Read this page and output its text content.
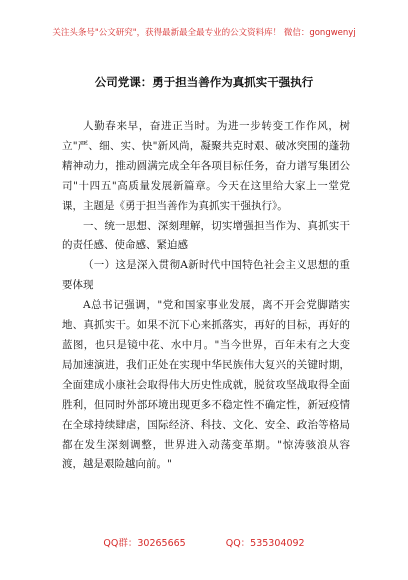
关注头条号"公文研究"，获得最新最全最专业的公文资料库！ 微信：gongwenyj
公司党课：勇于担当善作为真抓实干强执行

人勤春来早，奋进正当时。为进一步转变工作作风，树立"严、细、实、快"新风尚，凝聚共克时艰、破冰突围的蓬勃精神动力，推动圆满完成全年各项目标任务，奋力谱写集团公司"十四五"高质量发展新篇章。今天在这里给大家上一堂党课，主题是《勇于担当善作为真抓实干强执行》。

一、统一思想、深刻理解，切实增强担当作为、真抓实干的责任感、使命感、紧迫感

（一）这是深入贯彻A新时代中国特色社会主义思想的重要体现

A总书记强调，"党和国家事业发展，离不开会党脚踏实地、真抓实干。如果不沉下心来抓落实，再好的目标，再好的蓝图，也只是镜中花、水中月。"当今世界，百年未有之大变局加速演进，我们正处在实现中华民族伟大复兴的关键时期，全面建成小康社会取得伟大历史性成就，脱贫攻坚战取得全面胜利，但同时外部环境出现更多不稳定性不确定性，新冠疫情在全球持续肆虐，国际经济、科技、文化、安全、政治等格局都在发生深刻调整，世界进入动荡变革期。"惊涛骇浪从容渡，越是艰险越向前。"

QQ群：30265665	QQ：535304092
